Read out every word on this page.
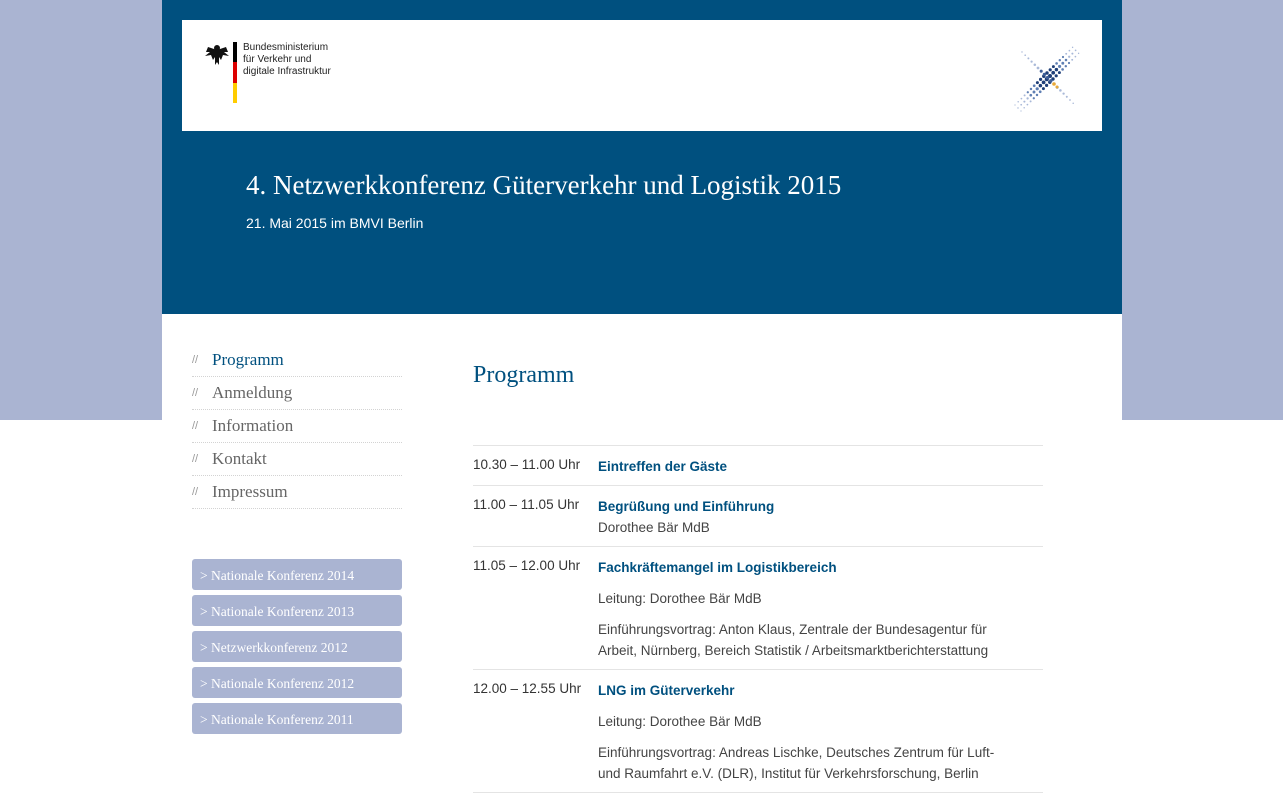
Bundesministerium
für Verkehr und
digitale Infrastruktur
4. Netzwerkkonferenz Güterverkehr und Logistik 2015
21. Mai 2015 im BMVI Berlin
// Programm
// Anmeldung
// Information
// Kontakt
// Impressum
> Nationale Konferenz 2014
> Nationale Konferenz 2013
> Netzwerkkonferenz 2012
> Nationale Konferenz 2012
> Nationale Konferenz 2011
Programm
10.30 – 11.00 Uhr Eintreffen der Gäste
11.00 – 11.05 Uhr Begrüßung und Einführung
Dorothee Bär MdB
11.05 – 12.00 Uhr Fachkräftemangel im Logistikbereich
Leitung: Dorothee Bär MdB
Einführungsvortrag: Anton Klaus, Zentrale der Bundesagentur für
Arbeit, Nürnberg, Bereich Statistik / Arbeitsmarktberichterstattung
12.00 – 12.55 Uhr LNG im Güterverkehr
Leitung: Dorothee Bär MdB
Einführungsvortrag: Andreas Lischke, Deutsches Zentrum für Luft-
und Raumfahrt e.V. (DLR), Institut für Verkehrsforschung, Berlin
